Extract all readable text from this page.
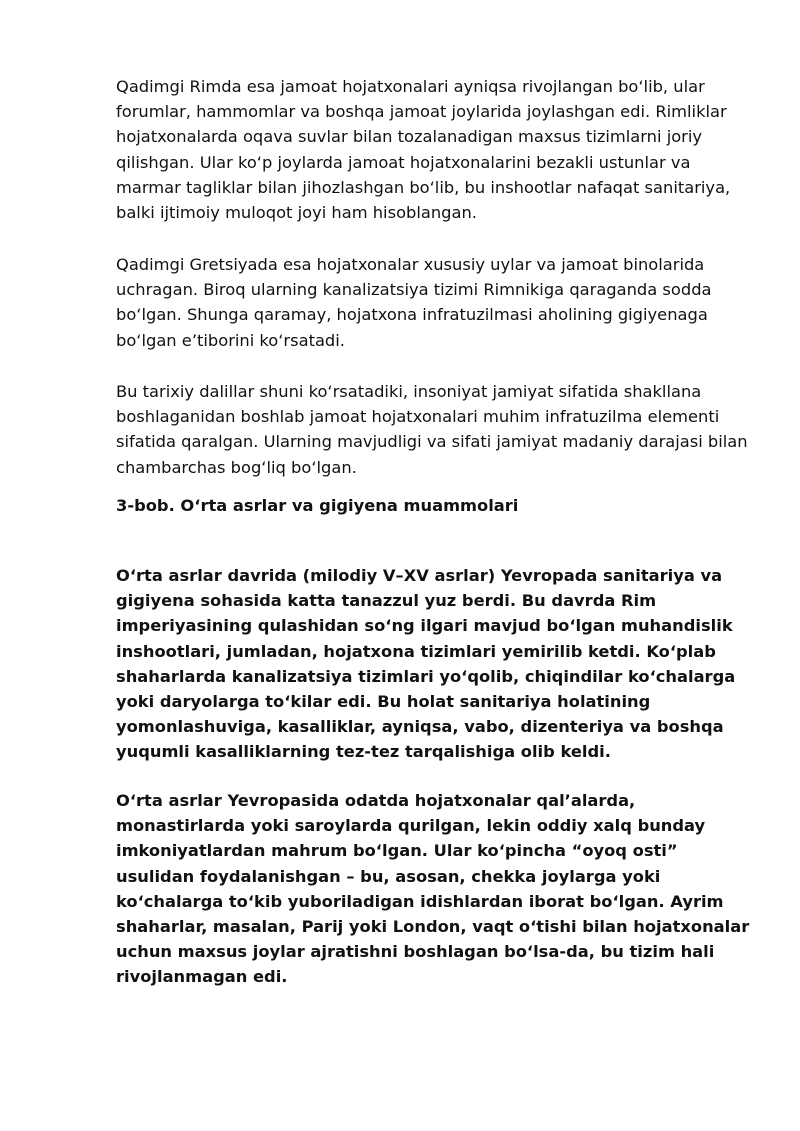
Qadimgi Rimda esa jamoat hojatxonalari ayniqsa rivojlangan bo‘lib, ular forumlar, hammomlar va boshqa jamoat joylarida joylashgan edi. Rimliklar hojatxonalarda oqava suvlar bilan tozalanadigan maxsus tizimlarni joriy qilishgan. Ular ko‘p joylarda jamoat hojatxonalarini bezakli ustunlar va marmar tagliklar bilan jihozlashgan bo‘lib, bu inshootlar nafaqat sanitariya, balki ijtimoiy muloqot joyi ham hisoblangan.

Qadimgi Gretsiyada esa hojatxonalar xususiy uylar va jamoat binolarida uchragan. Biroq ularning kanalizatsiya tizimi Rimnikiga qaraganda sodda bo‘lgan. Shunga qaramay, hojatxona infratuzilmasi aholining gigiyenaga bo‘lgan e’tiborini ko‘rsatadi.

Bu tarixiy dalillar shuni ko‘rsatadiki, insoniyat jamiyat sifatida shakllana boshlaganidan boshlab jamoat hojatxonalari muhim infratuzilma elementi sifatida qaralgan. Ularning mavjudligi va sifati jamiyat madaniy darajasi bilan chambarchas bog‘liq bo‘lgan.

3-bob. O‘rta asrlar va gigiyena muammolari

O‘rta asrlar davrida (milodiy V–XV asrlar) Yevropada sanitariya va gigiyena sohasida katta tanazzul yuz berdi. Bu davrda Rim imperiyasining qulashidan so‘ng ilgari mavjud bo‘lgan muhandislik inshootlari, jumladan, hojatxona tizimlari yemirilib ketdi. Ko‘plab shaharlarda kanalizatsiya tizimlari yo‘qolib, chiqindilar ko‘chalarga yoki daryolarga to‘kilar edi. Bu holat sanitariya holatining yomonlashuviga, kasalliklar, ayniqsa, vabo, dizenteriya va boshqa yuqumli kasalliklarning tez-tez tarqalishiga olib keldi.

O‘rta asrlar Yevropasida odatda hojatxonalar qal’alarda, monastirlarda yoki saroylarda qurilgan, lekin oddiy xalq bunday imkoniyatlardan mahrum bo‘lgan. Ular ko‘pincha “oyoq osti” usulidan foydalanishgan – bu, asosan, chekka joylarga yoki ko‘chalarga to‘kib yuboriladigan idishlardan iborat bo‘lgan. Ayrim shaharlar, masalan, Parij yoki London, vaqt o‘tishi bilan hojatxonalar uchun maxsus joylar ajratishni boshlagan bo‘lsa-da, bu tizim hali rivojlanmagan edi.
